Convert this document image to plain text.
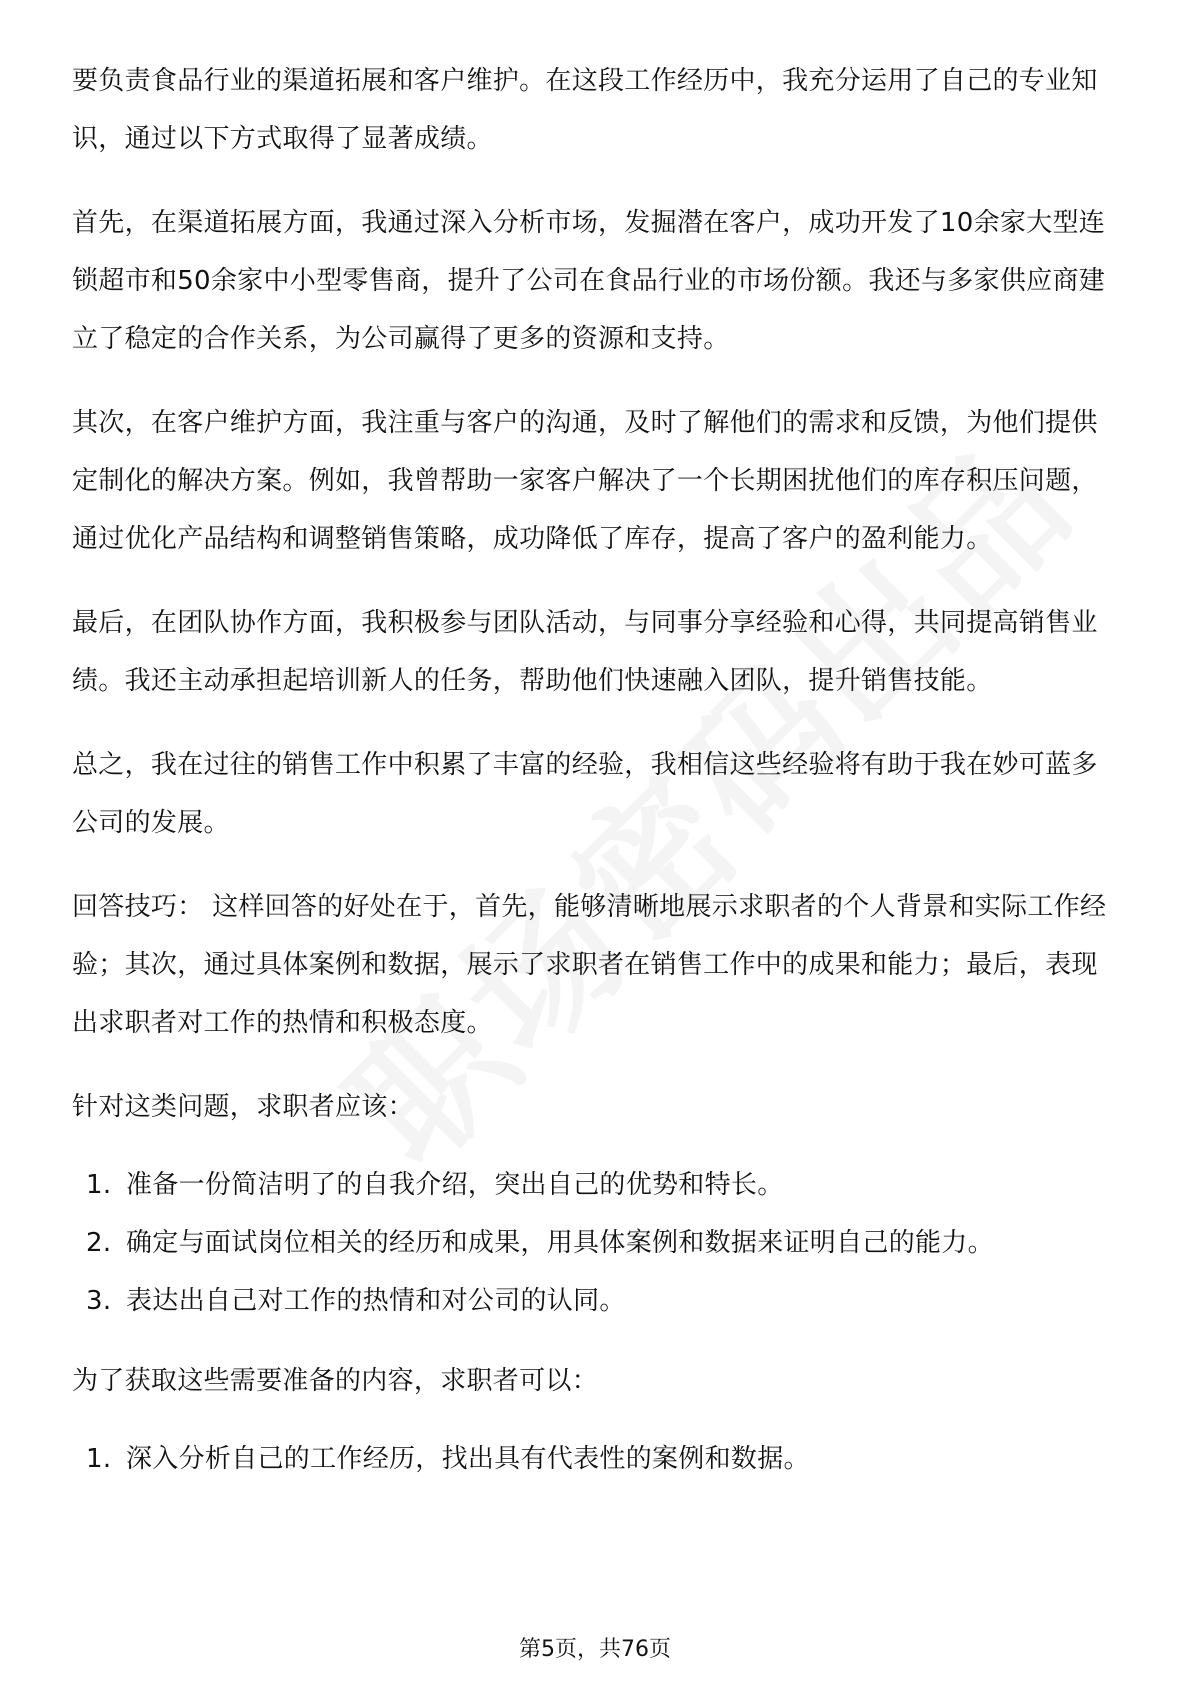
要负责食品行业的渠道拓展和客户维护。在这段工作经历中，我充分运用了自己的专业知识，通过以下方式取得了显著成绩。

首先，在渠道拓展方面，我通过深入分析市场，发掘潜在客户，成功开发了10余家大型连锁超市和50余家中小型零售商，提升了公司在食品行业的市场份额。我还与多家供应商建立了稳定的合作关系，为公司赢得了更多的资源和支持。

其次，在客户维护方面，我注重与客户的沟通，及时了解他们的需求和反馈，为他们提供定制化的解决方案。例如，我曾帮助一家客户解决了一个长期困扰他们的库存积压问题，通过优化产品结构和调整销售策略，成功降低了库存，提高了客户的盈利能力。

最后，在团队协作方面，我积极参与团队活动，与同事分享经验和心得，共同提高销售业绩。我还主动承担起培训新人的任务，帮助他们快速融入团队，提升销售技能。

总之，我在过往的销售工作中积累了丰富的经验，我相信这些经验将有助于我在妙可蓝多公司的发展。

回答技巧： 这样回答的好处在于，首先，能够清晰地展示求职者的个人背景和实际工作经验；其次，通过具体案例和数据，展示了求职者在销售工作中的成果和能力；最后，表现出求职者对工作的热情和积极态度。

针对这类问题，求职者应该：

1. 准备一份简洁明了的自我介绍，突出自己的优势和特长。
2. 确定与面试岗位相关的经历和成果，用具体案例和数据来证明自己的能力。
3. 表达出自己对工作的热情和对公司的认同。

为了获取这些需要准备的内容，求职者可以：

1. 深入分析自己的工作经历，找出具有代表性的案例和数据。
第5页，共76页
